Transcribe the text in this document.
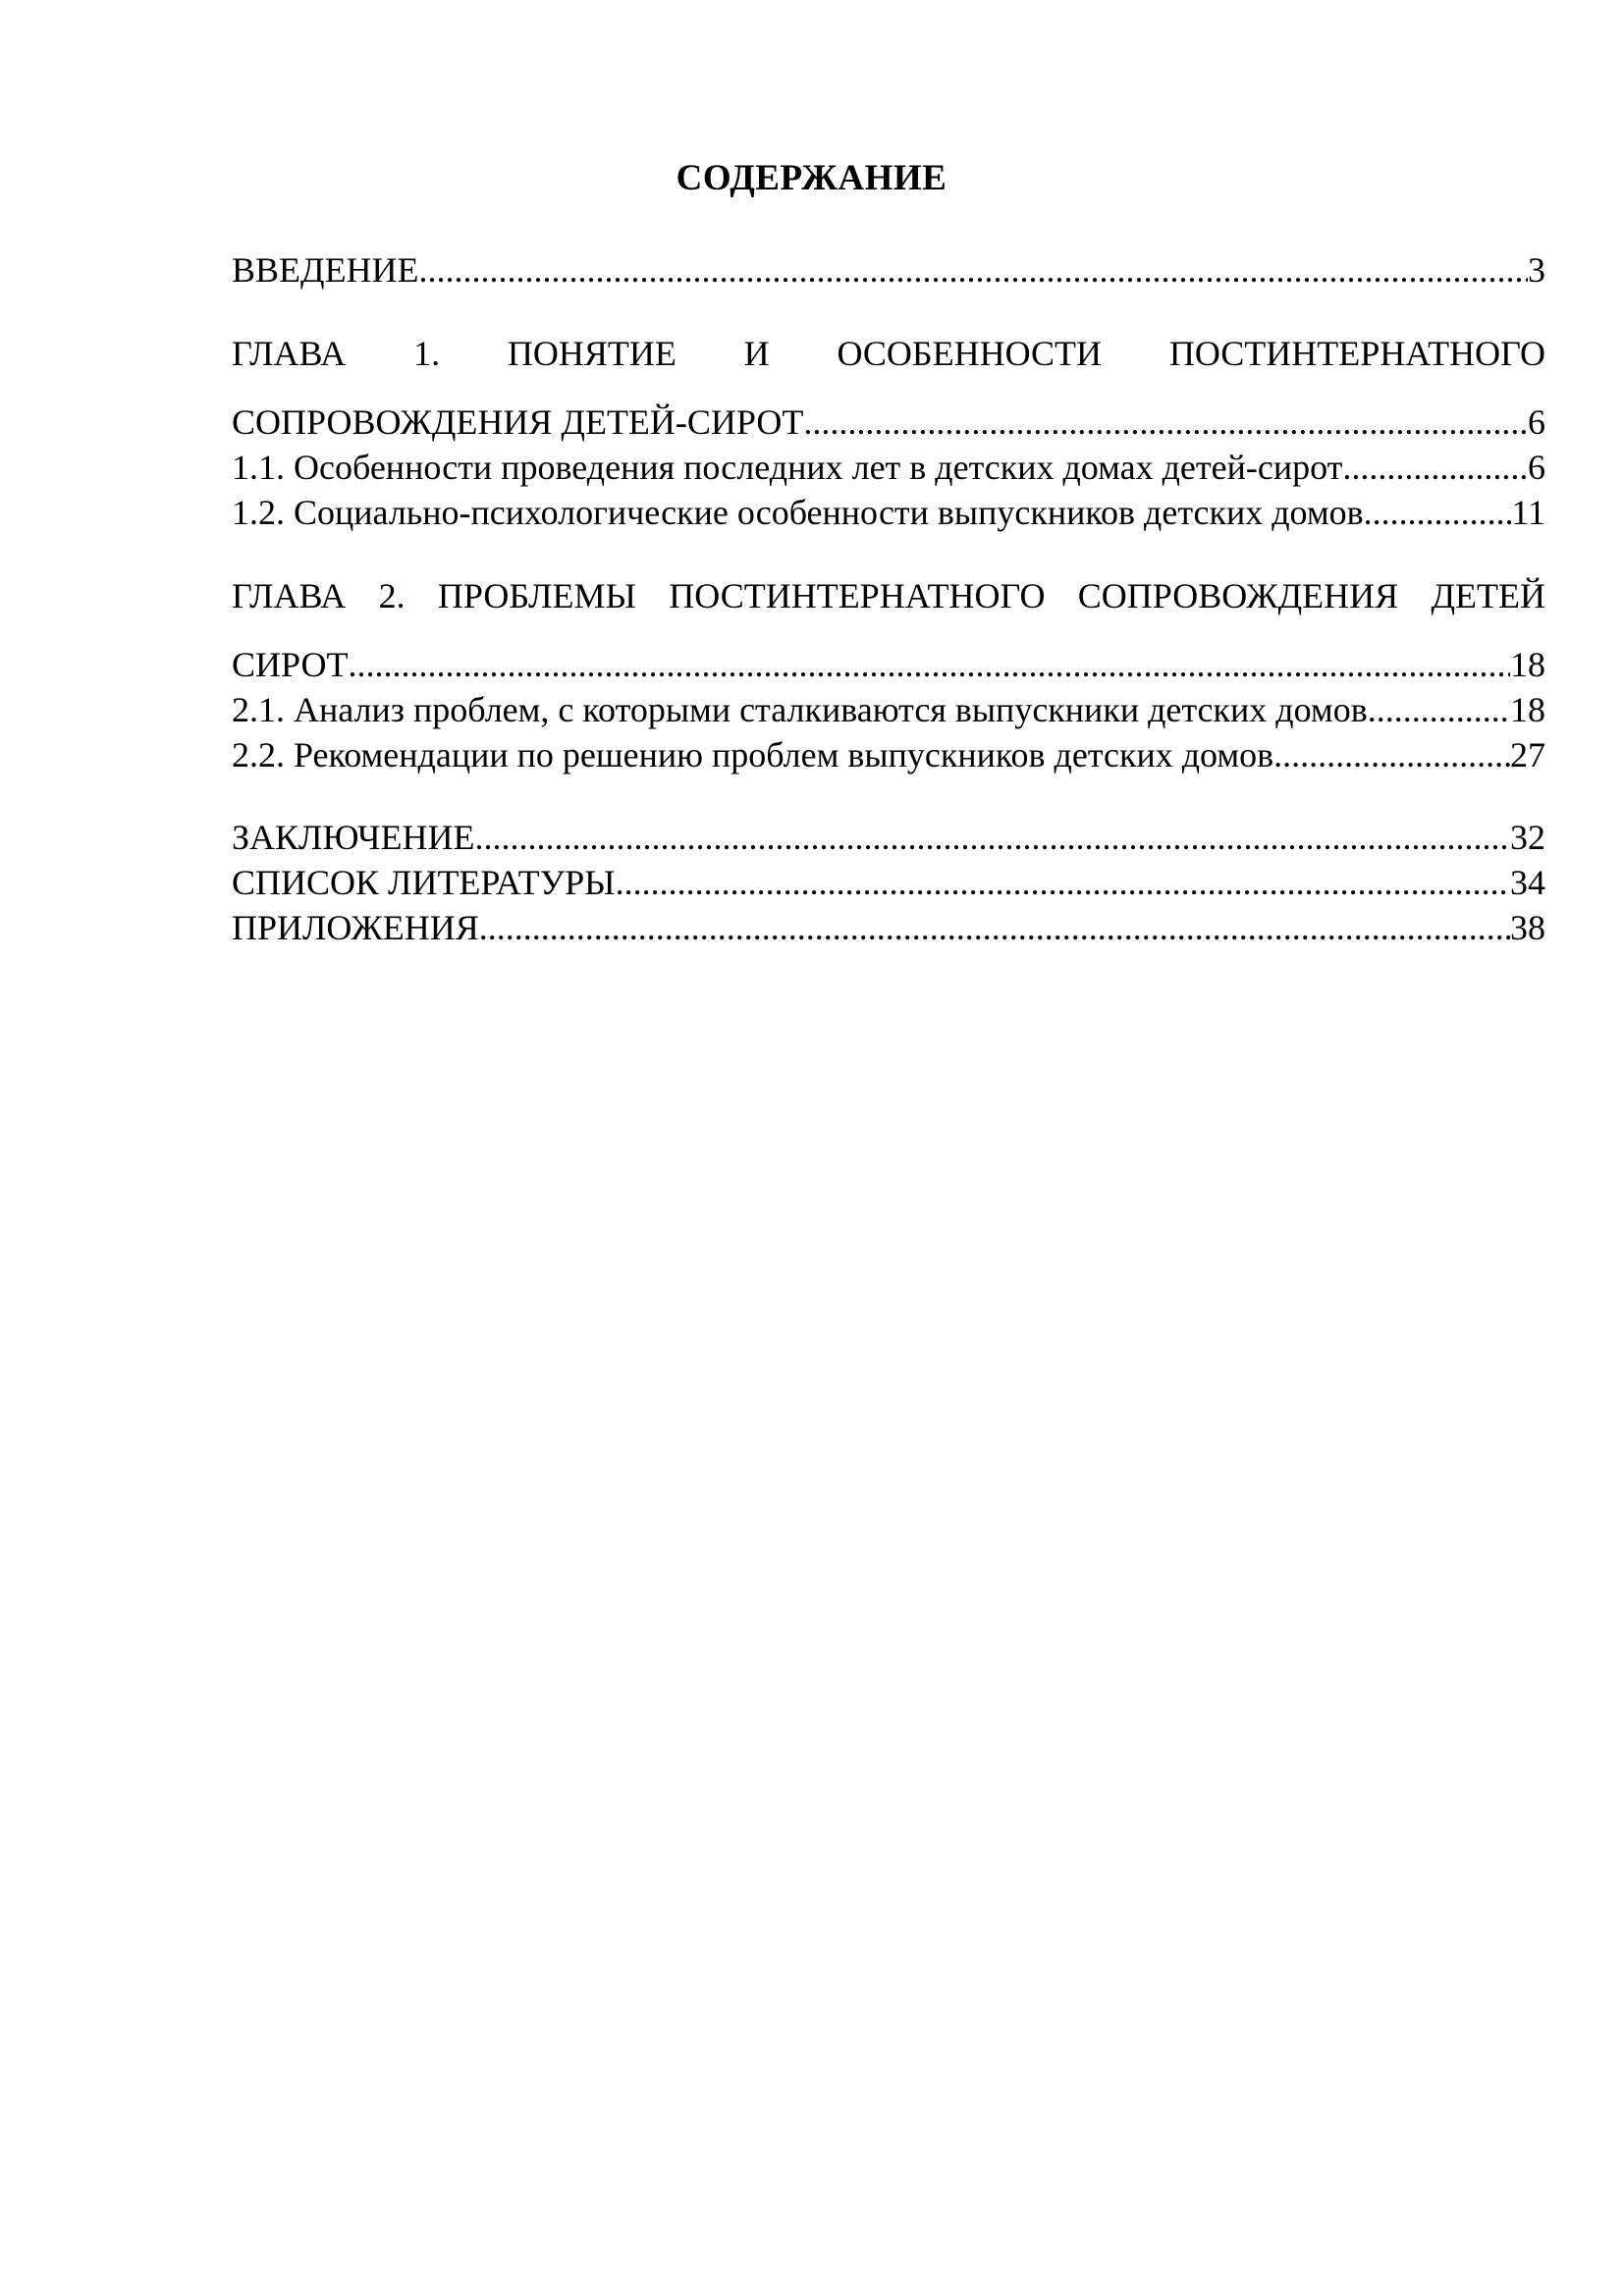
СОДЕРЖАНИЕ
ВВЕДЕНИЕ .....	3
ГЛАВА 1. ПОНЯТИЕ И ОСОБЕННОСТИ ПОСТИНТЕРНАТНОГО
СОПРОВОЖДЕНИЯ ДЕТЕЙ-СИРОТ .....	6
1.1. Особенности проведения последних лет в детских домах детей-сирот .....	6
1.2. Социально-психологические особенности выпускников детских домов .....	11
ГЛАВА 2. ПРОБЛЕМЫ ПОСТИНТЕРНАТНОГО СОПРОВОЖДЕНИЯ ДЕТЕЙ
СИРОТ .....	18
2.1. Анализ проблем, с которыми сталкиваются выпускники детских домов .....	18
2.2. Рекомендации по решению проблем выпускников детских домов .....	27
ЗАКЛЮЧЕНИЕ .....	32
СПИСОК ЛИТЕРАТУРЫ .....	34
ПРИЛОЖЕНИЯ .....	38
